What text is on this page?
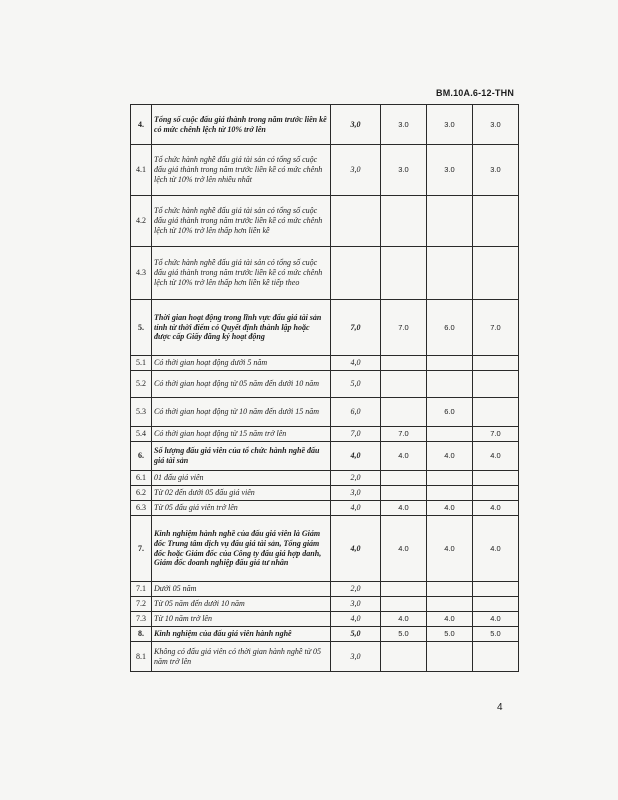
BM.10A.6-12-THN
4.	Tổng số cuộc đấu giá thành trong năm trước liền kề có mức chênh lệch từ 10% trở lên	3,0	3.0	3.0	3.0
4.1	Tổ chức hành nghề đấu giá tài sản có tổng số cuộc đấu giá thành trong năm trước liền kề có mức chênh lệch từ 10% trở lên nhiều nhất	3,0	3.0	3.0	3.0
4.2	Tổ chức hành nghề đấu giá tài sản có tổng số cuộc đấu giá thành trong năm trước liền kề có mức chênh lệch từ 10% trở lên thấp hơn liền kề				
4.3	Tổ chức hành nghề đấu giá tài sản có tổng số cuộc đấu giá thành trong năm trước liền kề có mức chênh lệch từ 10% trở lên thấp hơn liền kề tiếp theo				
5.	Thời gian hoạt động trong lĩnh vực đấu giá tài sản tính từ thời điểm có Quyết định thành lập hoặc được cấp Giấy đăng ký hoạt động	7,0	7.0	6.0	7.0
5.1	Có thời gian hoạt động dưới 5 năm	4,0			
5.2	Có thời gian hoạt động từ 05 năm đến dưới 10 năm	5,0			
5.3	Có thời gian hoạt động từ 10 năm đến dưới 15 năm	6,0		6.0	
5.4	Có thời gian hoạt động từ 15 năm trở lên	7,0	7.0		7.0
6.	Số lượng đấu giá viên của tổ chức hành nghề đấu giá tài sản	4,0	4.0	4.0	4.0
6.1	01 đấu giá viên	2,0			
6.2	Từ 02 đến dưới 05 đấu giá viên	3,0			
6.3	Từ 05 đấu giá viên trở lên	4,0	4.0	4.0	4.0
7.	Kinh nghiệm hành nghề của đấu giá viên là Giám đốc Trung tâm dịch vụ đấu giá tài sản, Tổng giám đốc hoặc Giám đốc của Công ty đấu giá hợp danh, Giám đốc doanh nghiệp đấu giá tư nhân	4,0	4.0	4.0	4.0
7.1	Dưới 05 năm	2,0			
7.2	Từ 05 năm đến dưới 10 năm	3,0			
7.3	Từ 10 năm trở lên	4,0	4.0	4.0	4.0
8.	Kinh nghiệm của đấu giá viên hành nghề	5,0	5.0	5.0	5.0
8.1	Không có đấu giá viên có thời gian hành nghề từ 05 năm trở lên	3,0			
4
